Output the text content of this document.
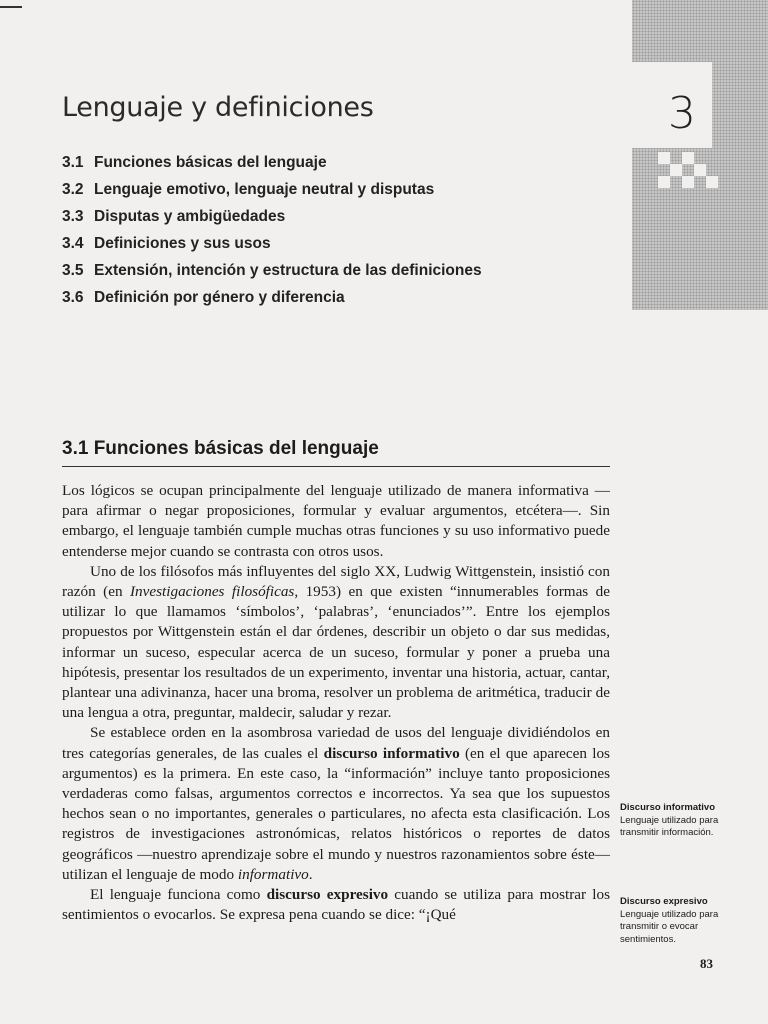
3
Lenguaje y definiciones
3.1 Funciones básicas del lenguaje
3.2 Lenguaje emotivo, lenguaje neutral y disputas
3.3 Disputas y ambigüedades
3.4 Definiciones y sus usos
3.5 Extensión, intención y estructura de las definiciones
3.6 Definición por género y diferencia
3.1 Funciones básicas del lenguaje

Los lógicos se ocupan principalmente del lenguaje utilizado de manera informativa —para afirmar o negar proposiciones, formular y evaluar argumentos, etcétera—. Sin embargo, el lenguaje también cumple muchas otras funciones y su uso informativo puede entenderse mejor cuando se contrasta con otros usos.

Uno de los filósofos más influyentes del siglo XX, Ludwig Wittgenstein, insistió con razón (en Investigaciones filosóficas, 1953) en que existen “innumerables formas de utilizar lo que llamamos ‘símbolos’, ‘palabras’, ‘enunciados’”. Entre los ejemplos propuestos por Wittgenstein están el dar órdenes, describir un objeto o dar sus medidas, informar un suceso, especular acerca de un suceso, formular y poner a prueba una hipótesis, presentar los resultados de un experimento, inventar una historia, actuar, cantar, plantear una adivinanza, hacer una broma, resolver un problema de aritmética, traducir de una lengua a otra, preguntar, maldecir, saludar y rezar.

Se establece orden en la asombrosa variedad de usos del lenguaje dividiéndolos en tres categorías generales, de las cuales el discurso informativo (en el que aparecen los argumentos) es la primera. En este caso, la “información” incluye tanto proposiciones verdaderas como falsas, argumentos correctos e incorrectos. Ya sea que los supuestos hechos sean o no importantes, generales o particulares, no afecta esta clasificación. Los registros de investigaciones astronómicas, relatos históricos o reportes de datos geográficos —nuestro aprendizaje sobre el mundo y nuestros razonamientos sobre éste— utilizan el lenguaje de modo informativo.

El lenguaje funciona como discurso expresivo cuando se utiliza para mostrar los sentimientos o evocarlos. Se expresa pena cuando se dice: “¡Qué

Discurso informativo
Lenguaje utilizado para transmitir información.
Discurso expresivo
Lenguaje utilizado para transmitir o evocar sentimientos.
83
